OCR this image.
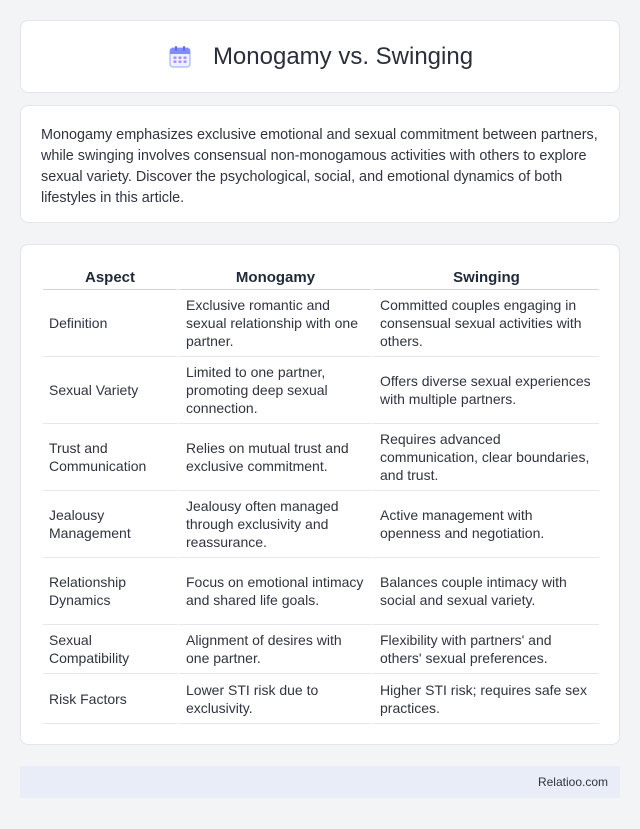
Monogamy vs. Swinging

Monogamy emphasizes exclusive emotional and sexual commitment between partners, while swinging involves consensual non-monogamous activities with others to explore sexual variety. Discover the psychological, social, and emotional dynamics of both lifestyles in this article.

Aspect	Monogamy	Swinging
Definition	Exclusive romantic and sexual relationship with one partner.	Committed couples engaging in consensual sexual activities with others.
Sexual Variety	Limited to one partner, promoting deep sexual connection.	Offers diverse sexual experiences with multiple partners.
Trust and Communication	Relies on mutual trust and exclusive commitment.	Requires advanced communication, clear boundaries, and trust.
Jealousy Management	Jealousy often managed through exclusivity and reassurance.	Active management with openness and negotiation.
Relationship Dynamics	Focus on emotional intimacy and shared life goals.	Balances couple intimacy with social and sexual variety.
Sexual Compatibility	Alignment of desires with one partner.	Flexibility with partners' and others' sexual preferences.
Risk Factors	Lower STI risk due to exclusivity.	Higher STI risk; requires safe sex practices.
Relatioo.com
